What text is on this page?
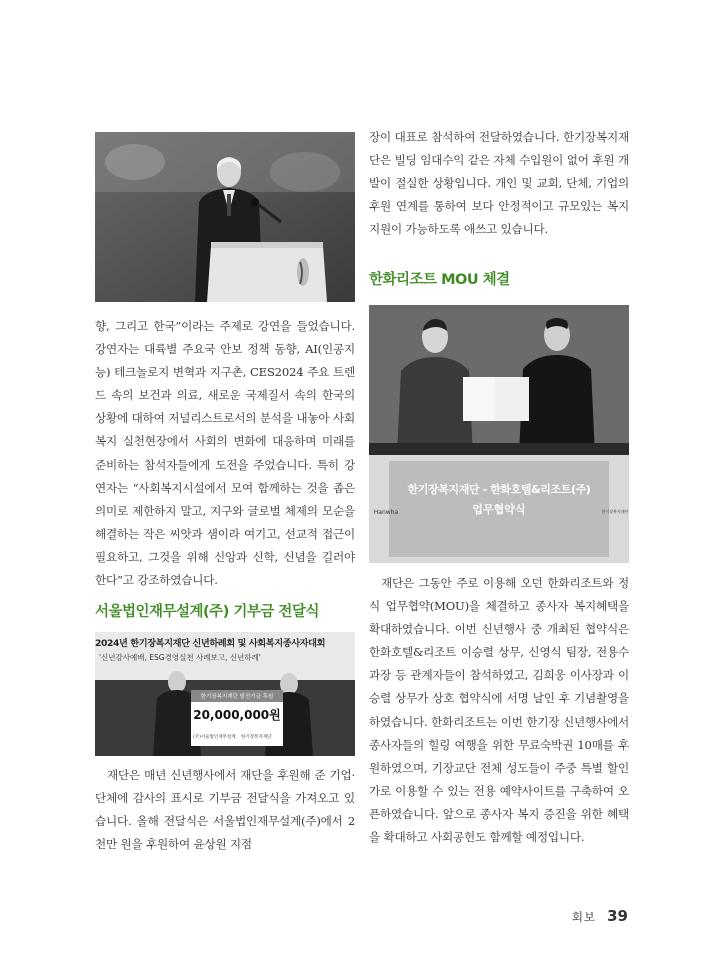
향, 그리고 한국”이라는 주제로 강연을 들었습니다. 강연자는 대륙별 주요국 안보 정책 동향, AI(인공지능) 테크놀로지 변혁과 지구촌, CES2024 주요 트렌드 속의 보건과 의료, 새로운 국제질서 속의 한국의 상황에 대하여 저널리스트로서의 분석을 내놓아 사회복지 실천현장에서 사회의 변화에 대응하며 미래를 준비하는 참석자들에게 도전을 주었습니다. 특히 강연자는 “사회복지시설에서 모여 함께하는 것을 좁은 의미로 제한하지 말고, 지구와 글로벌 체제의 모순을 해결하는 작은 씨앗과 샘이라 여기고, 선교적 접근이 필요하고, 그것을 위해 신앙과 신학, 신념을 길러야 한다”고 강조하였습니다.

서울법인재무설계(주) 기부금 전달식
2024년 한기장복지재단 신년하례회 및 사회복지종사자대회
'신년감사예배, ESG경영실천 사례보고, 신년하례'
한기장복지재단 발전기금 후원
20,000,000원
(주)서울법인재무설계	한기장복지재단

재단은 매년 신년행사에서 재단을 후원해 준 기업·단체에 감사의 표시로 기부금 전달식을 가져오고 있습니다. 올해 전달식은 서울법인재무설계(주)에서 2천만 원을 후원하여 윤상원 지점

장이 대표로 참석하여 전달하였습니다. 한기장복지재단은 빌딩 임대수익 같은 자체 수입원이 없어 후원 개발이 절실한 상황입니다. 개인 및 교회, 단체, 기업의 후원 연계를 통하여 보다 안정적이고 규모있는 복지 지원이 가능하도록 애쓰고 있습니다.

한화리조트 MOU 체결
한기장복지재단 - 한화호텔&리조트(주)
업무협약식
Hanwha	한기장복지재단

재단은 그동안 주로 이용해 오던 한화리조트와 정식 업무협약(MOU)을 체결하고 종사자 복지혜택을 확대하였습니다. 이번 신년행사 중 개최된 협약식은 한화호텔&리조트 이승렬 상무, 신영식 팀장, 전용수 과장 등 관계자들이 참석하였고, 김희웅 이사장과 이승렬 상무가 상호 협약식에 서명 날인 후 기념촬영을 하였습니다. 한화리조트는 이번 한기장 신년행사에서 종사자들의 힐링 여행을 위한 무료숙박권 10매를 후원하였으며, 기장교단 전체 성도들이 주중 특별 할인가로 이용할 수 있는 전용 예약사이트를 구축하여 오픈하였습니다. 앞으로 종사자 복지 증진을 위한 혜택을 확대하고 사회공헌도 함께할 예정입니다.

회보 39
